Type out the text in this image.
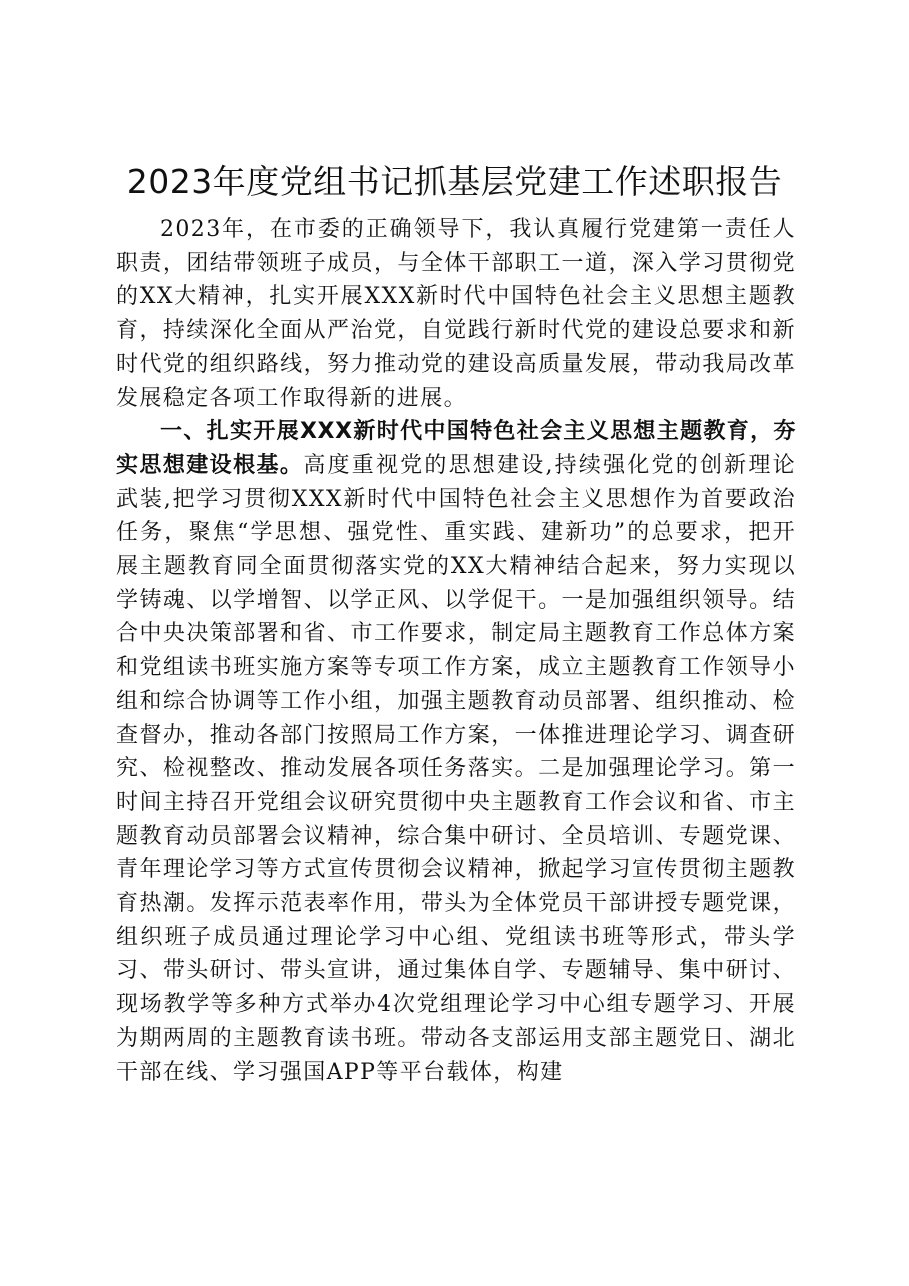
2023年度党组书记抓基层党建工作述职报告

2023年，在市委的正确领导下，我认真履行党建第一责任人职责，团结带领班子成员，与全体干部职工一道，深入学习贯彻党的XX大精神，扎实开展XXX新时代中国特色社会主义思想主题教育，持续深化全面从严治党，自觉践行新时代党的建设总要求和新时代党的组织路线，努力推动党的建设高质量发展，带动我局改革发展稳定各项工作取得新的进展。

一、扎实开展XXX新时代中国特色社会主义思想主题教育，夯实思想建设根基。高度重视党的思想建设,持续强化党的创新理论武装,把学习贯彻XXX新时代中国特色社会主义思想作为首要政治任务，聚焦“学思想、强党性、重实践、建新功”的总要求，把开展主题教育同全面贯彻落实党的XX大精神结合起来，努力实现以学铸魂、以学增智、以学正风、以学促干。一是加强组织领导。结合中央决策部署和省、市工作要求，制定局主题教育工作总体方案和党组读书班实施方案等专项工作方案，成立主题教育工作领导小组和综合协调等工作小组，加强主题教育动员部署、组织推动、检查督办，推动各部门按照局工作方案，一体推进理论学习、调查研究、检视整改、推动发展各项任务落实。二是加强理论学习。第一时间主持召开党组会议研究贯彻中央主题教育工作会议和省、市主题教育动员部署会议精神，综合集中研讨、全员培训、专题党课、青年理论学习等方式宣传贯彻会议精神，掀起学习宣传贯彻主题教育热潮。发挥示范表率作用，带头为全体党员干部讲授专题党课，组织班子成员通过理论学习中心组、党组读书班等形式，带头学习、带头研讨、带头宣讲，通过集体自学、专题辅导、集中研讨、现场教学等多种方式举办4次党组理论学习中心组专题学习、开展为期两周的主题教育读书班。带动各支部运用支部主题党日、湖北干部在线、学习强国APP等平台载体，构建
